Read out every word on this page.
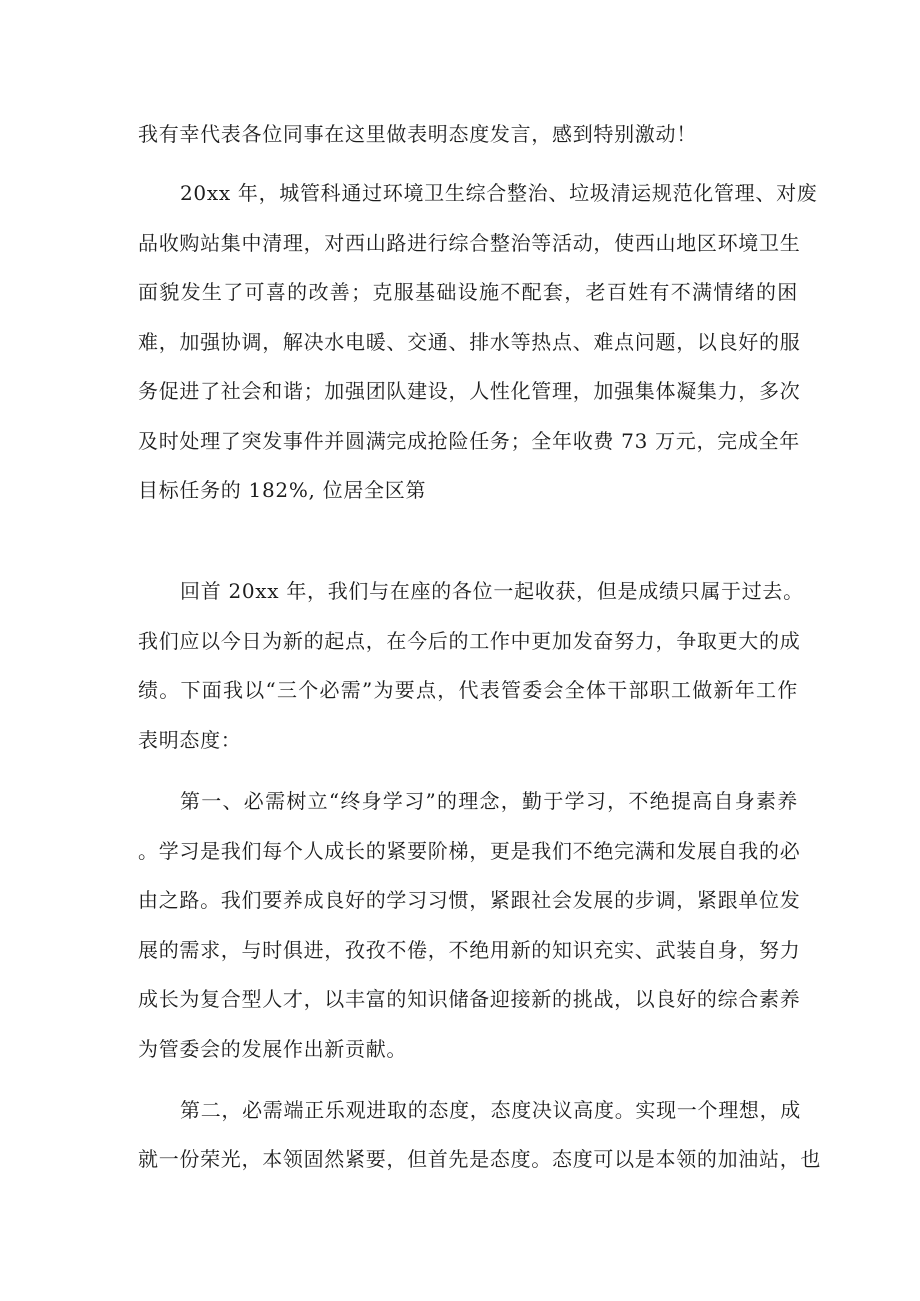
我有幸代表各位同事在这里做表明态度发言，感到特别激动！
20xx 年，城管科通过环境卫生综合整治、垃圾清运规范化管理、对废
品收购站集中清理，对西山路进行综合整治等活动，使西山地区环境卫生
面貌发生了可喜的改善；克服基础设施不配套，老百姓有不满情绪的困
难，加强协调，解决水电暖、交通、排水等热点、难点问题，以良好的服
务促进了社会和谐；加强团队建设，人性化管理，加强集体凝集力，多次
及时处理了突发事件并圆满完成抢险任务；全年收费 73 万元，完成全年
目标任务的 182%, 位居全区第
回首 20xx 年，我们与在座的各位一起收获，但是成绩只属于过去。
我们应以今日为新的起点，在今后的工作中更加发奋努力，争取更大的成
绩。下面我以“三个必需”为要点，代表管委会全体干部职工做新年工作
表明态度：
第一、必需树立“终身学习”的理念，勤于学习，不绝提高自身素养
。学习是我们每个人成长的紧要阶梯，更是我们不绝完满和发展自我的必
由之路。我们要养成良好的学习习惯，紧跟社会发展的步调，紧跟单位发
展的需求，与时俱进，孜孜不倦，不绝用新的知识充实、武装自身，努力
成长为复合型人才，以丰富的知识储备迎接新的挑战，以良好的综合素养
为管委会的发展作出新贡献。
第二，必需端正乐观进取的态度，态度决议高度。实现一个理想，成
就一份荣光，本领固然紧要，但首先是态度。态度可以是本领的加油站，也
